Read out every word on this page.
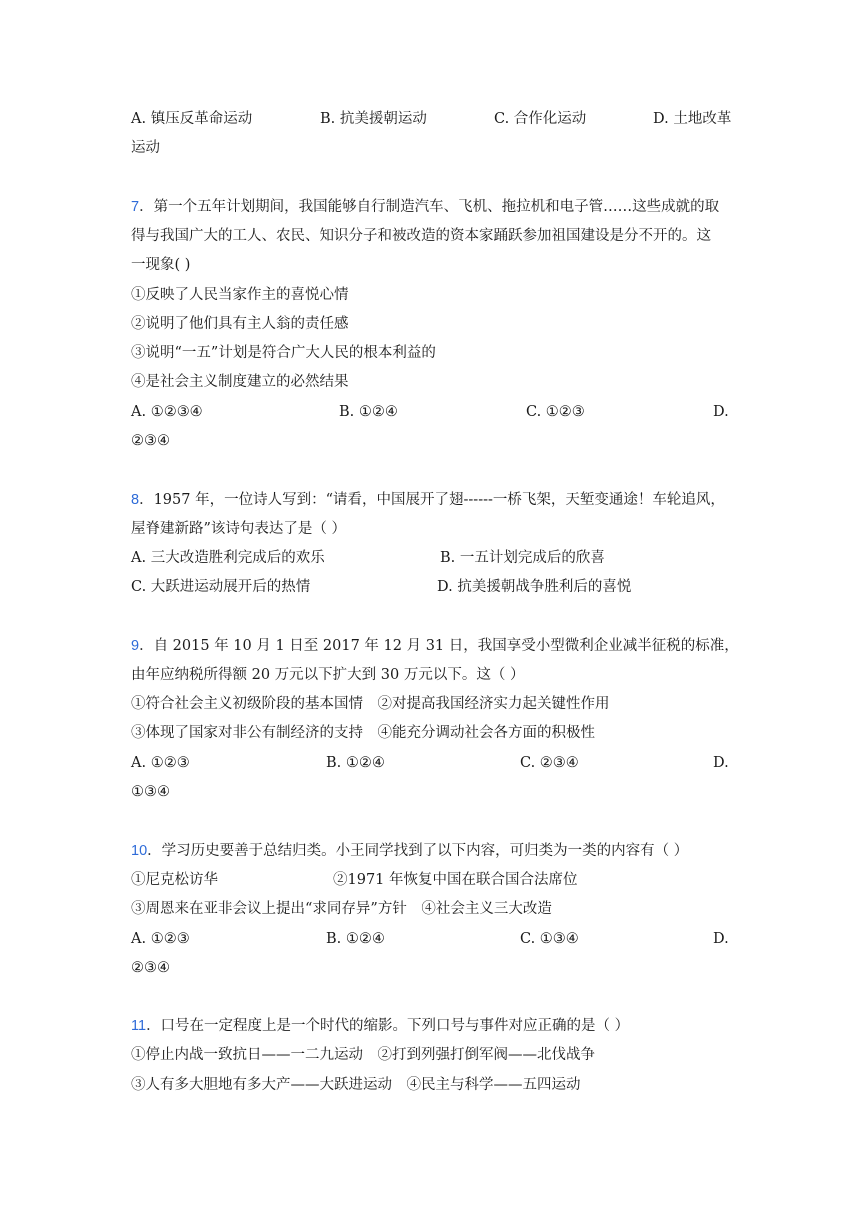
A. 镇压反革命运动	B. 抗美援朝运动	C. 合作化运动	D. 土地改革
运动
7．第一个五年计划期间，我国能够自行制造汽车、飞机、拖拉机和电子管……这些成就的取
得与我国广大的工人、农民、知识分子和被改造的资本家踊跃参加祖国建设是分不开的。这
一现象( )
①反映了人民当家作主的喜悦心情
②说明了他们具有主人翁的责任感
③说明“一五”计划是符合广大人民的根本利益的
④是社会主义制度建立的必然结果
A. ①②③④	B. ①②④	C. ①②③	D.
②③④
8．1957 年，一位诗人写到：“请看，中国展开了翅------一桥飞架，天堑变通途！车轮追风，
屋脊建新路”该诗句表达了是（ ）
A. 三大改造胜利完成后的欢乐	B. 一五计划完成后的欣喜
C. 大跃进运动展开后的热情	D. 抗美援朝战争胜利后的喜悦
9．自 2015 年 10 月 1 日至 2017 年 12 月 31 日，我国享受小型微利企业减半征税的标准，
由年应纳税所得额 20 万元以下扩大到 30 万元以下。这（ ）
①符合社会主义初级阶段的基本国情　②对提高我国经济实力起关键性作用
③体现了国家对非公有制经济的支持　④能充分调动社会各方面的积极性
A. ①②③	B. ①②④	C. ②③④	D.
①③④
10．学习历史要善于总结归类。小王同学找到了以下内容，可归类为一类的内容有（ ）
①尼克松访华	②1971 年恢复中国在联合国合法席位
③周恩来在亚非会议上提出“求同存异”方针　④社会主义三大改造
A. ①②③	B. ①②④	C. ①③④	D.
②③④
11．口号在一定程度上是一个时代的缩影。下列口号与事件对应正确的是（ ）
①停止内战一致抗日——一二九运动　②打到列强打倒军阀——北伐战争
③人有多大胆地有多大产——大跃进运动　④民主与科学——五四运动
